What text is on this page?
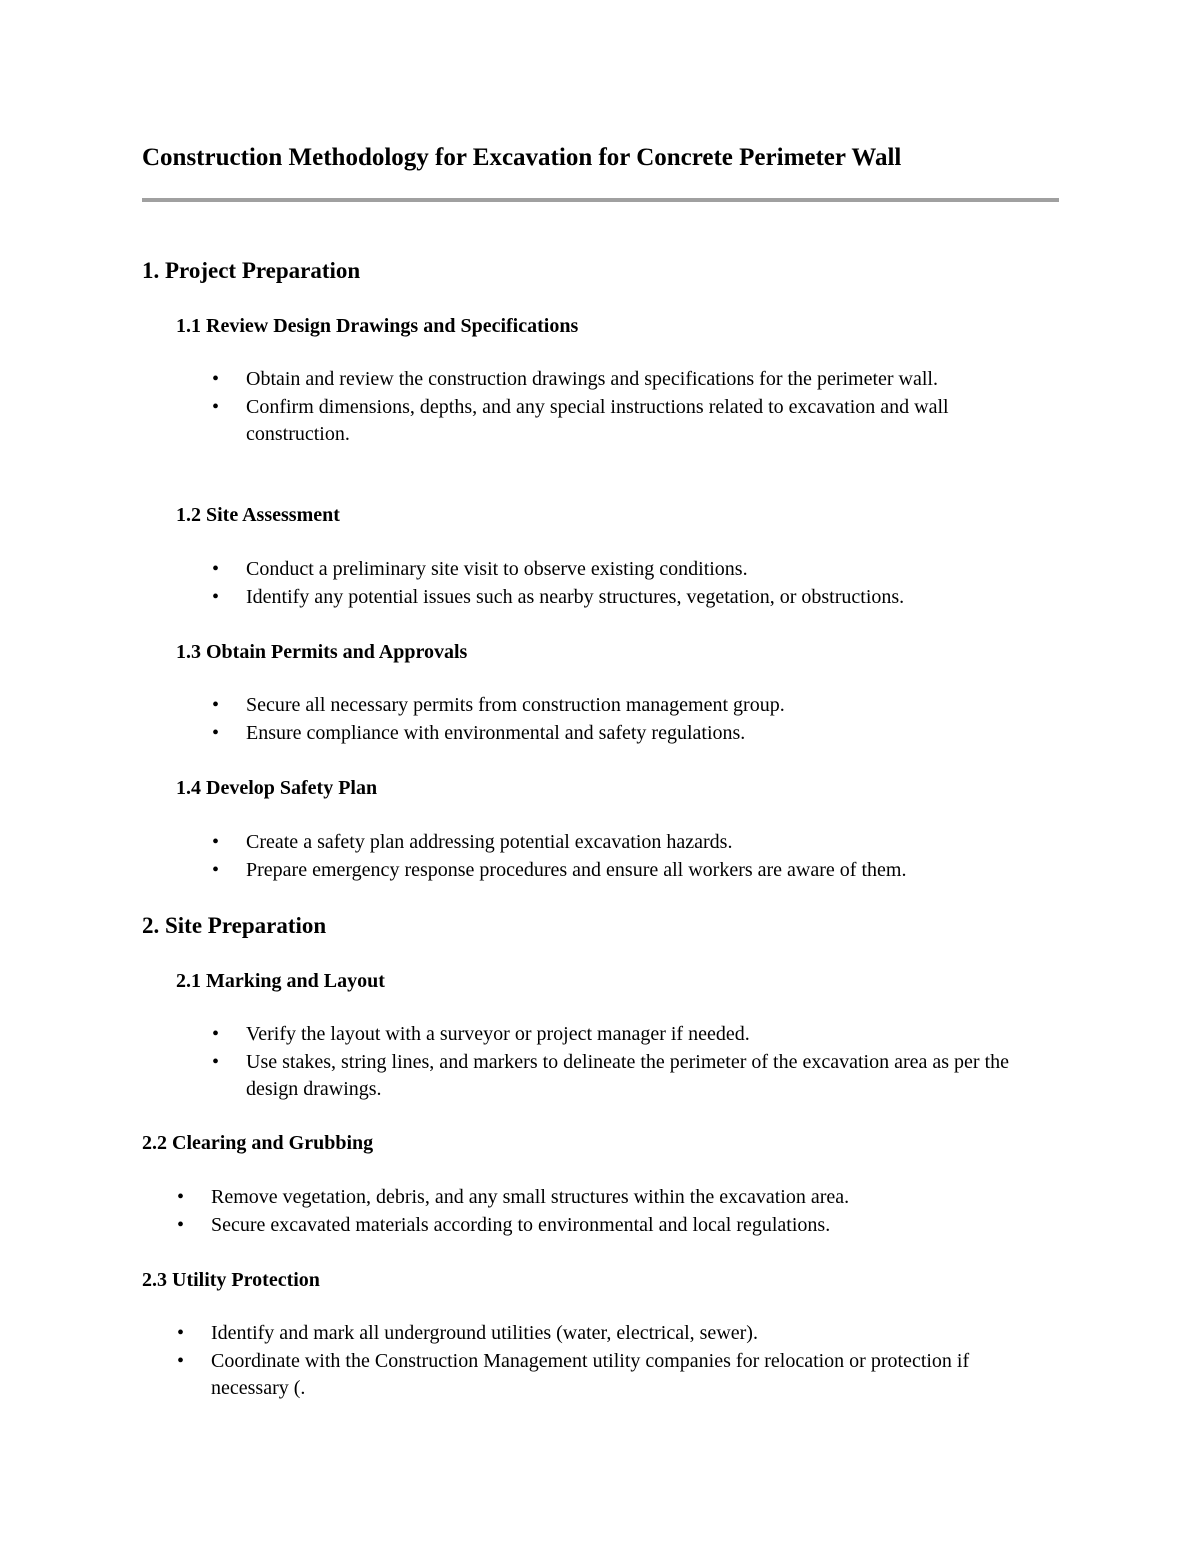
Construction Methodology for Excavation for Concrete Perimeter Wall
1. Project Preparation
1.1 Review Design Drawings and Specifications
• Obtain and review the construction drawings and specifications for the perimeter wall.
• Confirm dimensions, depths, and any special instructions related to excavation and wall construction.
1.2 Site Assessment
• Conduct a preliminary site visit to observe existing conditions.
• Identify any potential issues such as nearby structures, vegetation, or obstructions.
1.3 Obtain Permits and Approvals
• Secure all necessary permits from construction management group.
• Ensure compliance with environmental and safety regulations.
1.4 Develop Safety Plan
• Create a safety plan addressing potential excavation hazards.
• Prepare emergency response procedures and ensure all workers are aware of them.
2. Site Preparation
2.1 Marking and Layout
• Verify the layout with a surveyor or project manager if needed.
• Use stakes, string lines, and markers to delineate the perimeter of the excavation area as per the design drawings.
2.2 Clearing and Grubbing
• Remove vegetation, debris, and any small structures within the excavation area.
• Secure excavated materials according to environmental and local regulations.
2.3 Utility Protection
• Identify and mark all underground utilities (water, electrical, sewer).
• Coordinate with the Construction Management utility companies for relocation or protection if necessary (.
